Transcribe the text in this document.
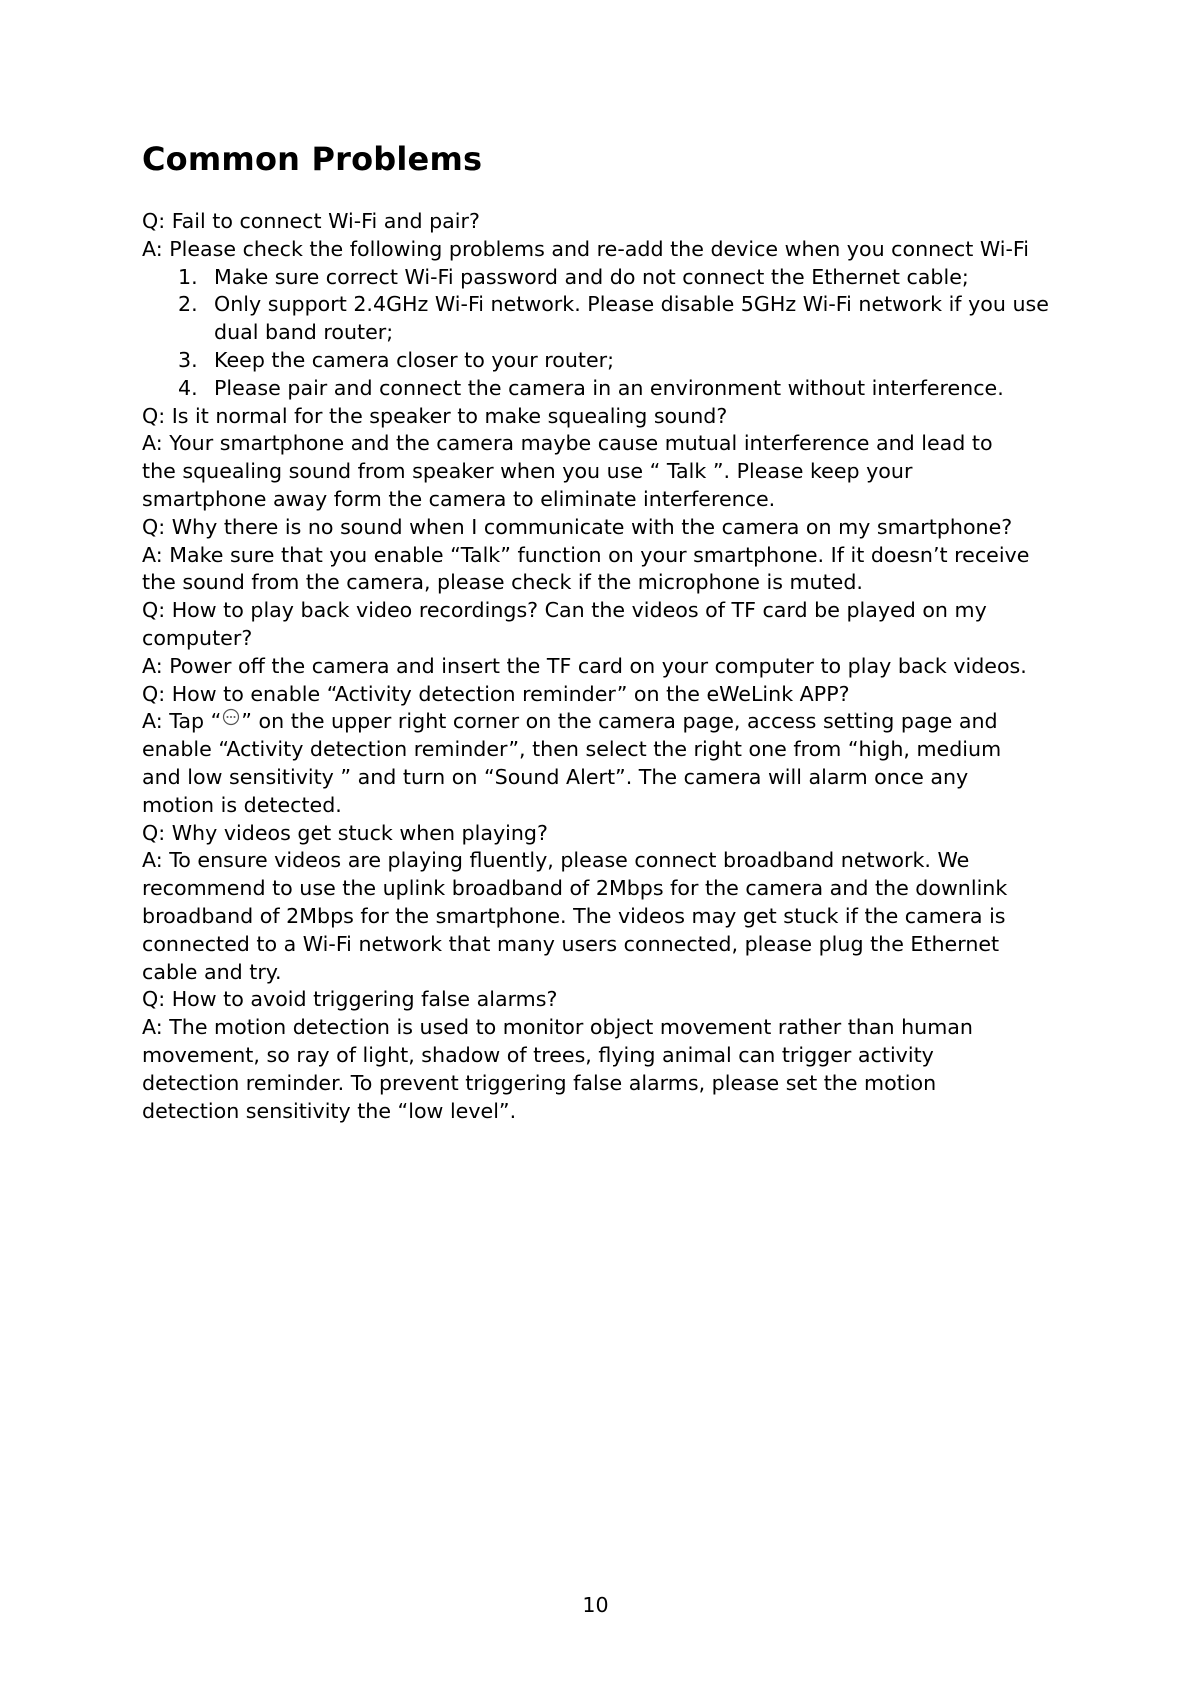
Common Problems
Q: Fail to connect Wi-Fi and pair?
A: Please check the following problems and re-add the device when you connect Wi-Fi
1. Make sure correct Wi-Fi password and do not connect the Ethernet cable;
2. Only support 2.4GHz Wi-Fi network. Please disable 5GHz Wi-Fi network if you use
dual band router;
3. Keep the camera closer to your router;
4. Please pair and connect the camera in an environment without interference.
Q: Is it normal for the speaker to make squealing sound?
A: Your smartphone and the camera maybe cause mutual interference and lead to
the squealing sound from speaker when you use “ Talk ”. Please keep your
smartphone away form the camera to eliminate interference.
Q: Why there is no sound when I communicate with the camera on my smartphone?
A: Make sure that you enable “Talk” function on your smartphone. If it doesn’t receive
the sound from the camera, please check if the microphone is muted.
Q: How to play back video recordings? Can the videos of TF card be played on my
computer?
A: Power off the camera and insert the TF card on your computer to play back videos.
Q: How to enable “Activity detection reminder” on the eWeLink APP?
A: Tap “ ” on the upper right corner on the camera page, access setting page and
enable “Activity detection reminder”, then select the right one from “high, medium
and low sensitivity ” and turn on “Sound Alert”. The camera will alarm once any
motion is detected.
Q: Why videos get stuck when playing?
A: To ensure videos are playing fluently, please connect broadband network. We
recommend to use the uplink broadband of 2Mbps for the camera and the downlink
broadband of 2Mbps for the smartphone. The videos may get stuck if the camera is
connected to a Wi-Fi network that many users connected, please plug the Ethernet
cable and try.
Q: How to avoid triggering false alarms?
A: The motion detection is used to monitor object movement rather than human
movement, so ray of light, shadow of trees, flying animal can trigger activity
detection reminder. To prevent triggering false alarms, please set the motion
detection sensitivity the “low level”.
10
